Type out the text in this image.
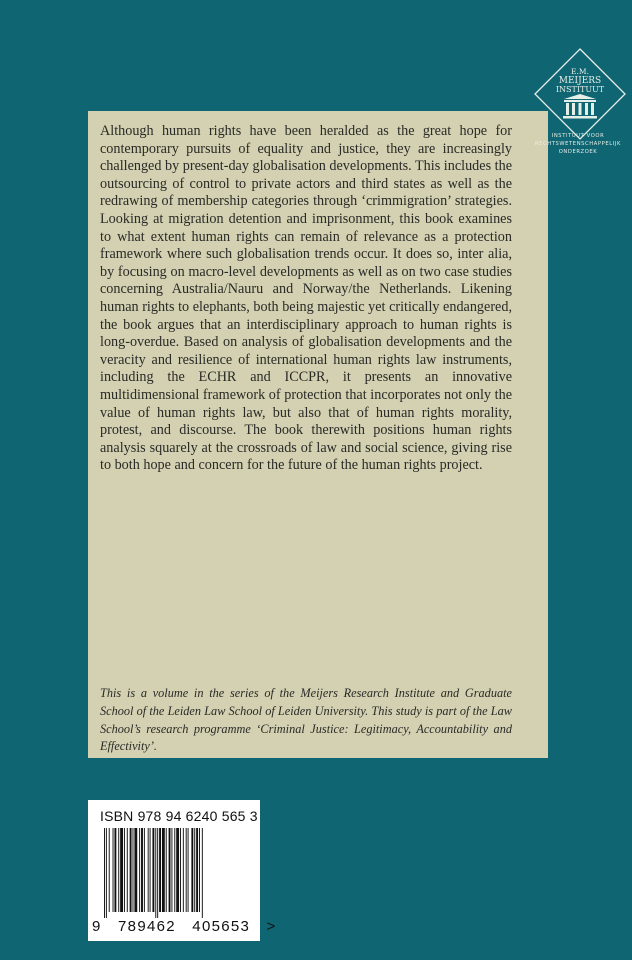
Although human rights have been heralded as the great hope for contemporary pursuits of equality and justice, they are increasingly challenged by present-day globalisation developments. This includes the outsourcing of control to private actors and third states as well as the redrawing of membership categories through ‘crimmigration’ strategies. Looking at migration detention and imprisonment, this book examines to what extent human rights can remain of relevance as a protection framework where such globalisation trends occur. It does so, inter alia, by focusing on macro-level developments as well as on two case studies concerning Australia/Nauru and Norway/the Netherlands. Likening human rights to elephants, both being majestic yet critically endangered, the book argues that an interdisciplinary approach to human rights is long-overdue. Based on analysis of globalisation developments and the veracity and resilience of international human rights law instruments, including the ECHR and ICCPR, it presents an innovative multidimensional framework of protection that incorporates not only the value of human rights law, but also that of human rights morality, protest, and discourse. The book therewith positions human rights analysis squarely at the crossroads of law and social science, giving rise to both hope and concern for the future of the human rights project.

This is a volume in the series of the Meijers Research Institute and Graduate School of the Leiden Law School of Leiden University. This study is part of the Law School’s research programme ‘Criminal Justice: Legitimacy, Accountability and Effectivity’.

E.M.
MEIJERS
INSTITUUT
INSTITUUT VOOR
RECHTSWETENSCHAPPELIJK
ONDERZOEK
ISBN 978 94 6240 565 3
9   789462   405653   >
